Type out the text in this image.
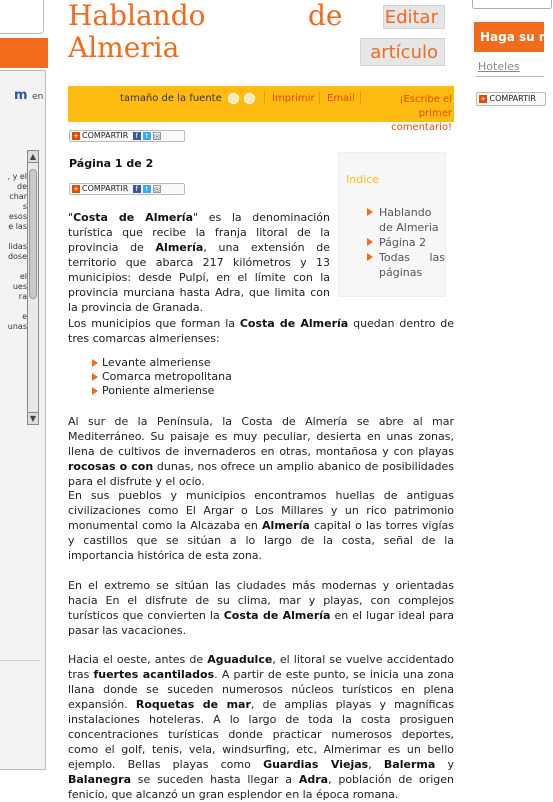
m en
, y el
de
char
s
esos
e las

lidas
dose

el
ues
ra

e
unas
▲
▼
Haga su re
Hoteles
+ COMPARTIR
Hablando	de
Almeria
Editar
artículo
tamaño de la fuente	Imprimir Email	¡Escribe el primer comentario!
+ COMPARTIR f t ✉
Página 1 de 2
+ COMPARTIR f t ✉
Indice
Hablando de Almeria
Página 2
Todas las páginas

"Costa de Almería" es la denominación turística que recibe la franja litoral de la provincia de Almería, una extensión de territorio que abarca 217 kilómetros y 13 municipios: desde Pulpí, en el límite con la provincia murciana hasta Adra, que limita con la provincia de Granada.

Los municipios que forman la Costa de Almería quedan dentro de tres comarcas almerienses:

Levante almeriense
Comarca metropolitana
Poniente almeriense

Al sur de la Península, la Costa de Almería se abre al mar Mediterráneo. Su paisaje es muy peculiar, desierta en unas zonas, llena de cultivos de invernaderos en otras, montañosa y con playas rocosas o con dunas, nos ofrece un amplio abanico de posibilidades para el disfrute y el ocio.

En sus pueblos y municipios encontramos huellas de antiguas civilizaciones como El Argar o Los Millares y un rico patrimonio monumental como la Alcazaba en Almería capital o las torres vigías y castillos que se sitúan a lo largo de la costa, señal de la importancia histórica de esta zona.

En el extremo se sitúan las ciudades más modernas y orientadas hacia En el disfrute de su clima, mar y playas, con complejos turísticos que convierten la Costa de Almería en el lugar ideal para pasar las vacaciones.

Hacia el oeste, antes de Aguadulce, el litoral se vuelve accidentado tras fuertes acantilados. A partir de este punto, se inicia una zona llana donde se suceden numerosos núcleos turísticos en plena expansión. Roquetas de mar, de amplias playas y magníficas instalaciones hoteleras. A lo largo de toda la costa prosiguen concentraciones turísticas donde practicar numerosos deportes, como el golf, tenis, vela, windsurfing, etc, Almerimar es un bello ejemplo. Bellas playas como Guardias Viejas, Balerma y Balanegra se suceden hasta llegar a Adra, población de origen fenicio, que alcanzó un gran esplendor en la época romana.
